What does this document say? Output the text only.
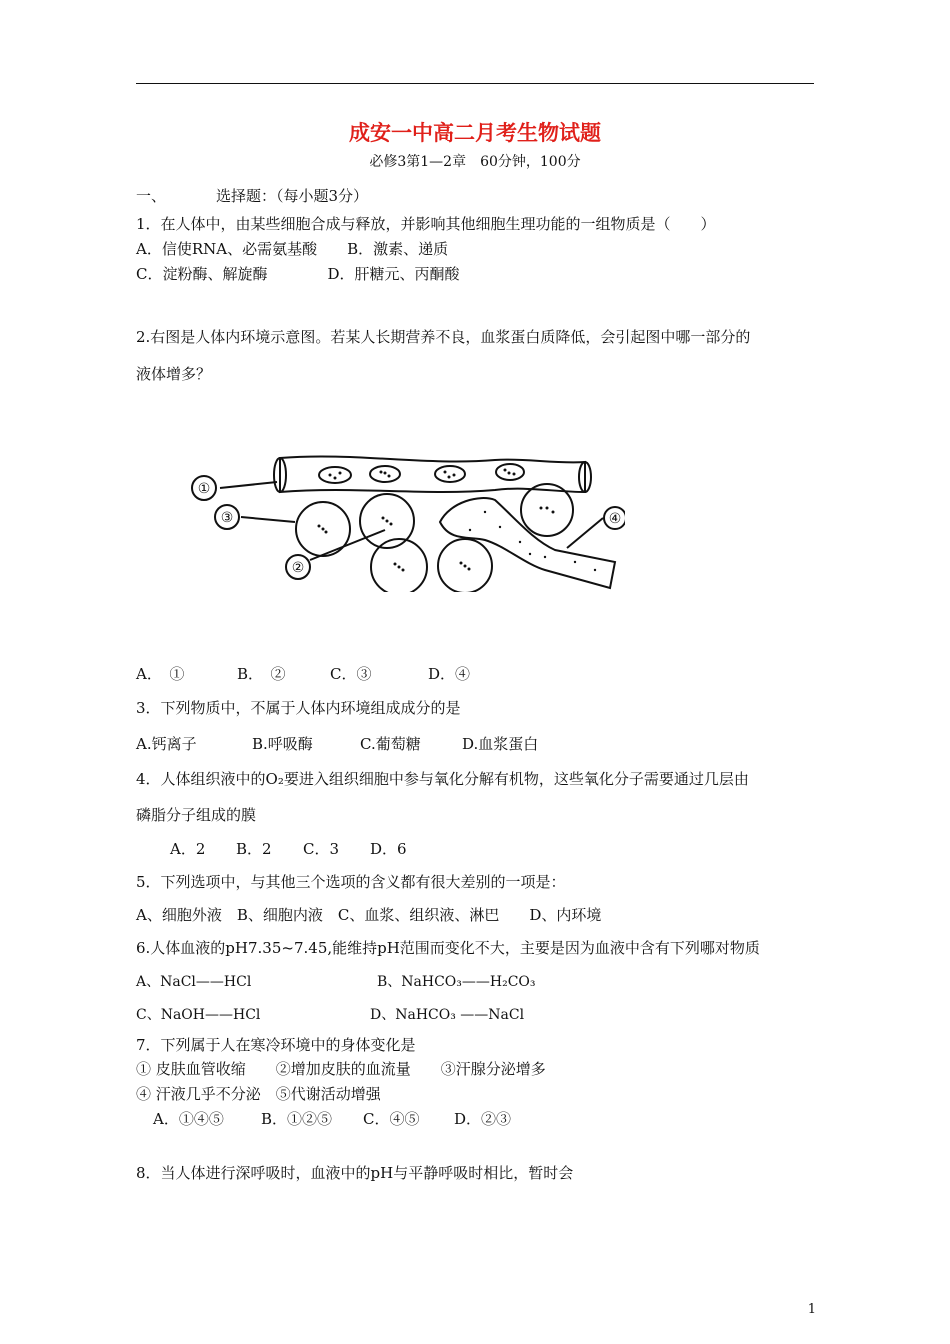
成安一中高二月考生物试题
必修3第1—2章　60分钟，100分
一、	选择题：（每小题3分）
1．在人体中，由某些细胞合成与释放，并影响其他细胞生理功能的一组物质是（　　）
A．信使RNA、必需氨基酸　　B．激素、递质
C．淀粉酶、解旋酶　　　　D．肝糖元、丙酮酸
2.右图是人体内环境示意图。若某人长期营养不良，血浆蛋白质降低，会引起图中哪一部分的
液体增多？
①
③
②
④
A．　①	B．　②	C．③	D．④
3．下列物质中，不属于人体内环境组成成分的是
A.钙离子	B.呼吸酶	C.葡萄糖	D.血浆蛋白
4．人体组织液中的O₂要进入组织细胞中参与氧化分解有机物，这些氧化分子需要通过几层由
磷脂分子组成的膜
A．2 B．2 C．3 D．6
5．下列选项中，与其他三个选项的含义都有很大差别的一项是：
A、细胞外液　B、细胞内液　C、血浆、组织液、淋巴　　D、内环境
6.人体血液的pH7.35~7.45,能维持pH范围而变化不大，主要是因为血液中含有下列哪对物质
A、NaCl——HCl	B、NaHCO₃——H₂CO₃
C、NaOH——HCl	D、NaHCO₃ ——NaCl
7．下列属于人在寒冷环境中的身体变化是
① 皮肤血管收缩　　②增加皮肤的血流量　　③汗腺分泌增多
④ 汗液几乎不分泌　⑤代谢活动增强
A．①④⑤ B．①②⑤ C．④⑤ D．②③
8．当人体进行深呼吸时，血液中的pH与平静呼吸时相比，暂时会
1
